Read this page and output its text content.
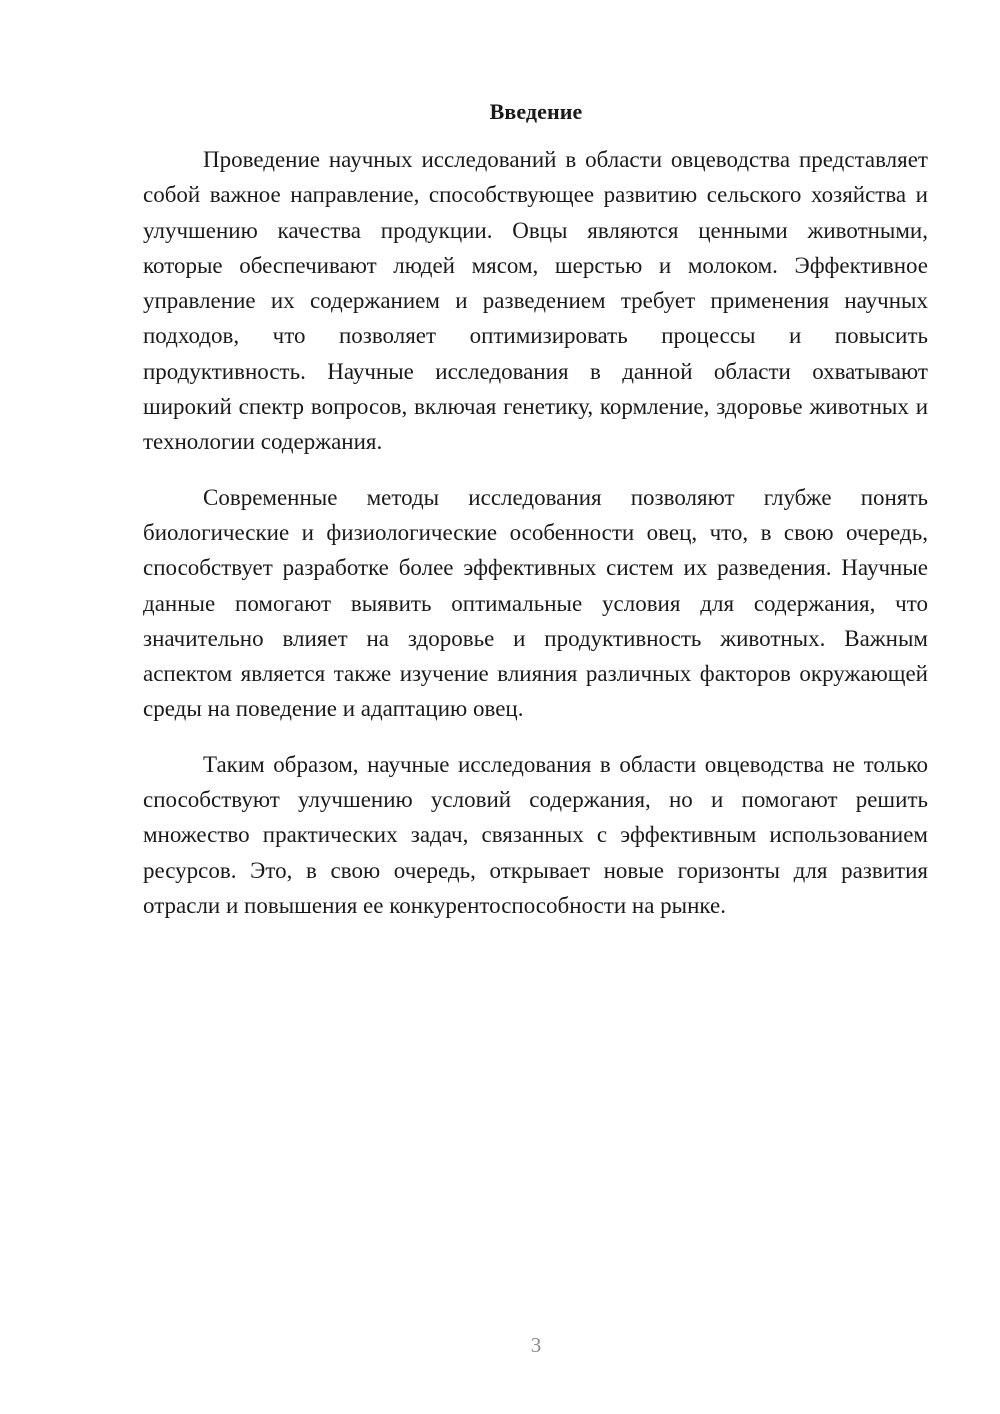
Введение

Проведение научных исследований в области овцеводства представляет собой важное направление, способствующее развитию сельского хозяйства и улучшению качества продукции. Овцы являются ценными животными, которые обеспечивают людей мясом, шерстью и молоком. Эффективное управление их содержанием и разведением требует применения научных подходов, что позволяет оптимизировать процессы и повысить продуктивность. Научные исследования в данной области охватывают широкий спектр вопросов, включая генетику, кормление, здоровье животных и технологии содержания.

Современные методы исследования позволяют глубже понять биологические и физиологические особенности овец, что, в свою очередь, способствует разработке более эффективных систем их разведения. Научные данные помогают выявить оптимальные условия для содержания, что значительно влияет на здоровье и продуктивность животных. Важным аспектом является также изучение влияния различных факторов окружающей среды на поведение и адаптацию овец.

Таким образом, научные исследования в области овцеводства не только способствуют улучшению условий содержания, но и помогают решить множество практических задач, связанных с эффективным использованием ресурсов. Это, в свою очередь, открывает новые горизонты для развития отрасли и повышения ее конкурентоспособности на рынке.

3
